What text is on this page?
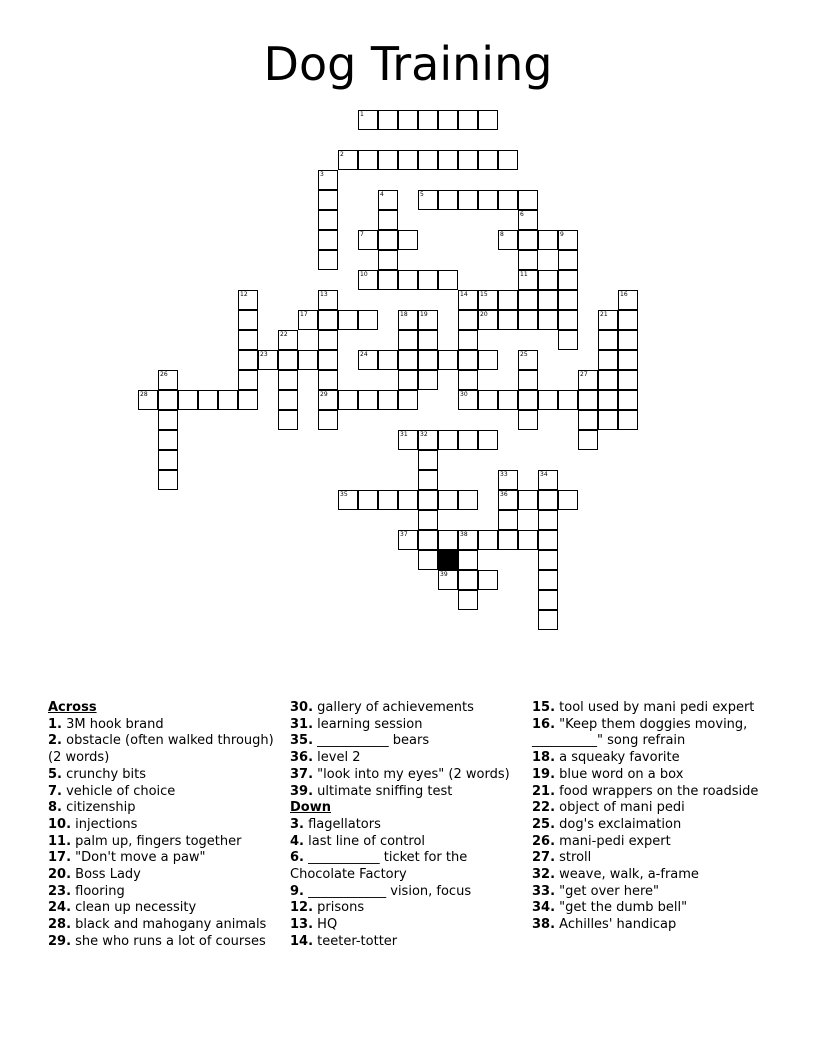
Dog Training
1
2
3
4	5
6
11
7	8	9
10
12	13
29
14
30
15	16
17	18 19	20	21
22
23	24	25
26	27
28
31 32
33
36
34
35
37	38
39
Across
1. 3M hook brand
2. obstacle (often walked through)(2 words)
5. crunchy bits
7. vehicle of choice
8. citizenship
10. injections
11. palm up, fingers together
17. "Don't move a paw"
20. Boss Lady
23. flooring
24. clean up necessity
28. black and mahogany animals
29. she who runs a lot of courses
30. gallery of achievements
31. learning session
35. ___________ bears
36. level 2
37. "look into my eyes" (2 words)
39. ultimate sniffing test
Down
3. flagellators
4. last line of control
6. ___________ ticket for the Chocolate Factory
9. ____________ vision, focus
12. prisons
13. HQ
14. teeter-totter
15. tool used by mani pedi expert
16. "Keep them doggies moving, __________" song refrain
18. a squeaky favorite
19. blue word on a box
21. food wrappers on the roadside
22. object of mani pedi
25. dog's exclaimation
26. mani-pedi expert
27. stroll
32. weave, walk, a-frame
33. "get over here"
34. "get the dumb bell"
38. Achilles' handicap
